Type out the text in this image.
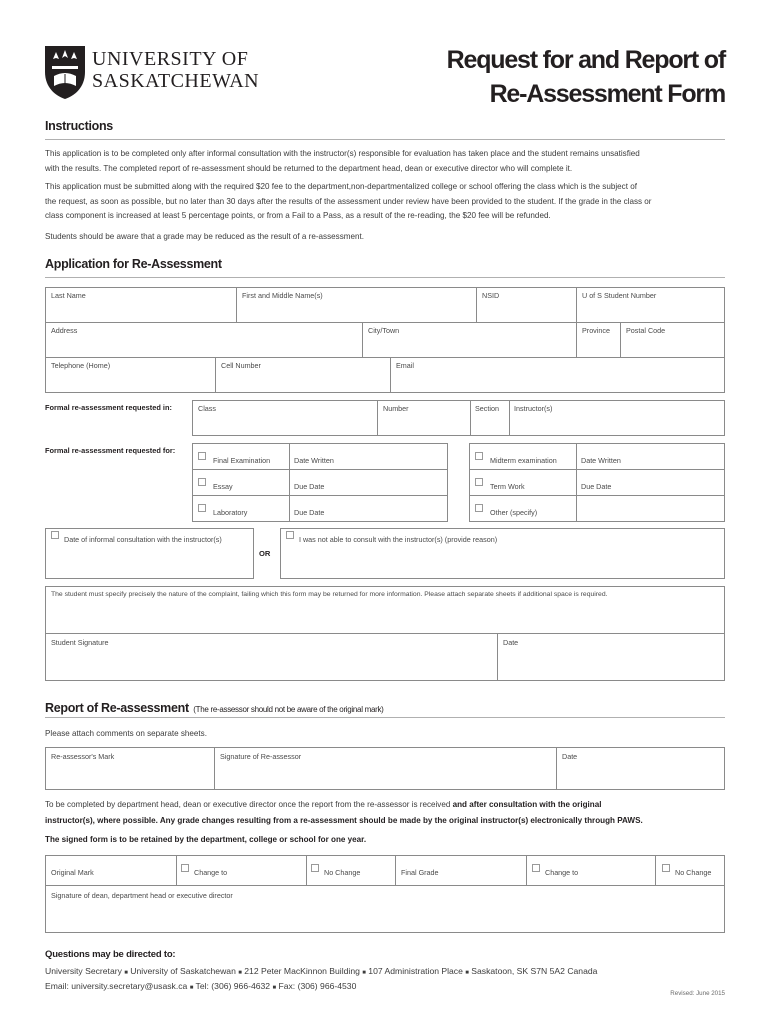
UNIVERSITY OF
SASKATCHEWAN
Request for and Report of
Re-Assessment Form
Instructions
This application is to be completed only after informal consultation with the instructor(s) responsible for evaluation has taken place and the student remains unsatisfied
with the results. The completed report of re-assessment should be returned to the department head, dean or executive director who will complete it.
This application must be submitted along with the required $20 fee to the department,non-departmentalized college or school offering the class which is the subject of
the request, as soon as possible, but no later than 30 days after the results of the assessment under review have been provided to the student. If the grade in the class or
class component is increased at least 5 percentage points, or from a Fail to a Pass, as a result of the re-reading, the $20 fee will be refunded.
Students should be aware that a grade may be reduced as the result of a re-assessment.
Application for Re-Assessment
Last Name	First and Middle Name(s)	NSID	U of S Student Number
Address	City/Town	Province Postal Code
Telephone (Home)	Cell Number	Email
Formal re-assessment requested in:	Class	Number	Section Instructor(s)
Formal re-assessment requested for:
Final Examination	Date Written
Essay	Due Date
Laboratory	Due Date
Midterm examination	Date Written
Term Work	Due Date
Other (specify)
Date of informal consultation with the instructor(s)
OR
I was not able to consult with the instructor(s) (provide reason)
The student must specify precisely the nature of the complaint, failing which this form may be returned for more information. Please attach separate sheets if additional space is required.
Student Signature	Date
Report of Re-assessment (The re-assessor should not be aware of the original mark)
Please attach comments on separate sheets.
Re-assessor's Mark	Signature of Re-assessor	Date
To be completed by department head, dean or executive director once the report from the re-assessor is received and after consultation with the original
instructor(s), where possible. Any grade changes resulting from a re-assessment should be made by the original instructor(s) electronically through PAWS.
The signed form is to be retained by the department, college or school for one year.
Original Mark	Change to	No Change	Final Grade	Change to	No Change
Signature of dean, department head or executive director
Questions may be directed to:
University Secretary ■ University of Saskatchewan ■ 212 Peter MacKinnon Building ■ 107 Administration Place ■ Saskatoon, SK S7N 5A2 Canada
Email: university.secretary@usask.ca ■ Tel: (306) 966-4632 ■ Fax: (306) 966-4530
Revised: June 2015
